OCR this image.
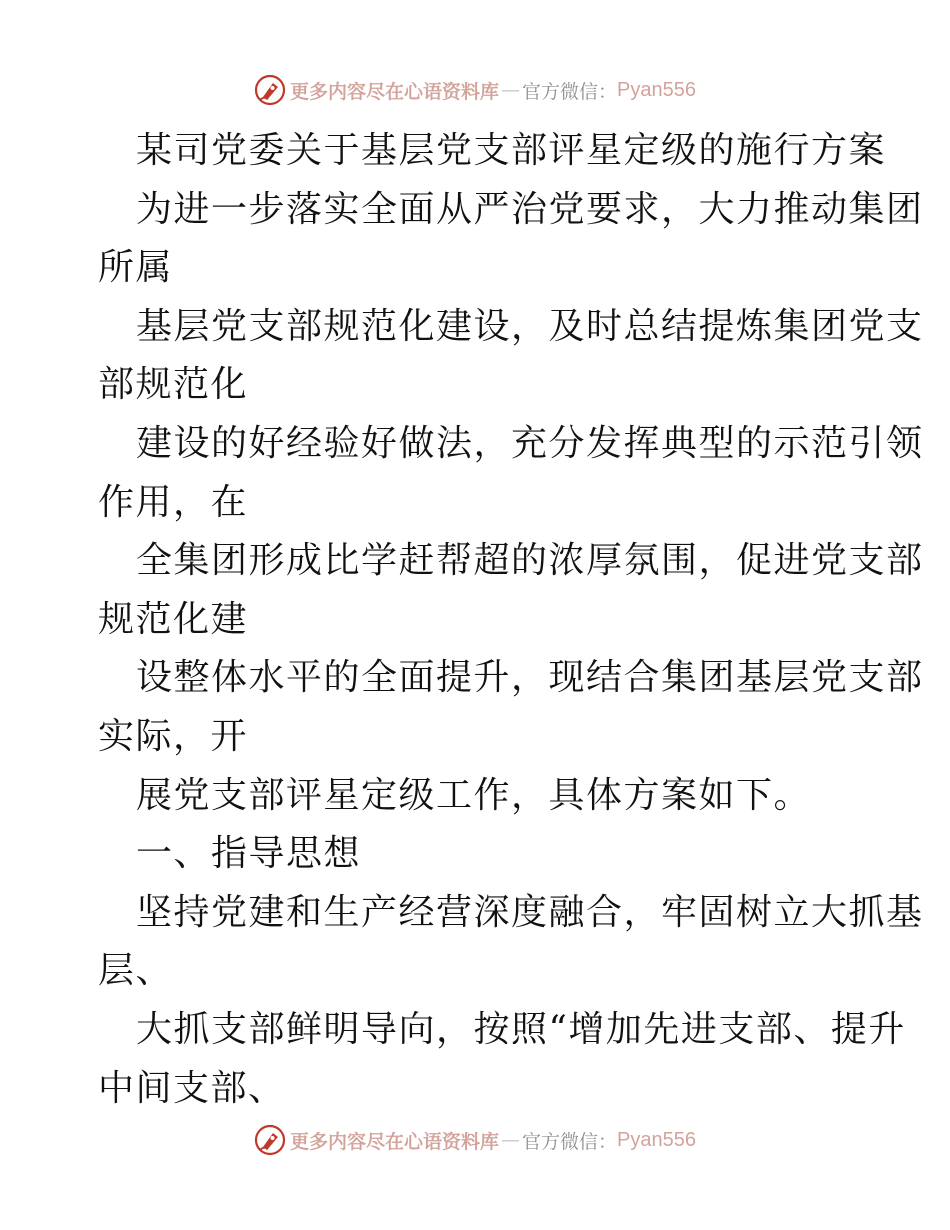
更多内容尽在心语资料库 — 官方微信： Pyan556
某司党委关于基层党支部评星定级的施行方案
为进一步落实全面从严治党要求，大力推动集团
所属
基层党支部规范化建设，及时总结提炼集团党支
部规范化
建设的好经验好做法，充分发挥典型的示范引领
作用，在
全集团形成比学赶帮超的浓厚氛围，促进党支部
规范化建
设整体水平的全面提升，现结合集团基层党支部
实际，开
展党支部评星定级工作，具体方案如下。
一、指导思想
坚持党建和生产经营深度融合，牢固树立大抓基
层、
大抓支部鲜明导向，按照“增加先进支部、提升
中间支部、
更多内容尽在心语资料库 — 官方微信： Pyan556
